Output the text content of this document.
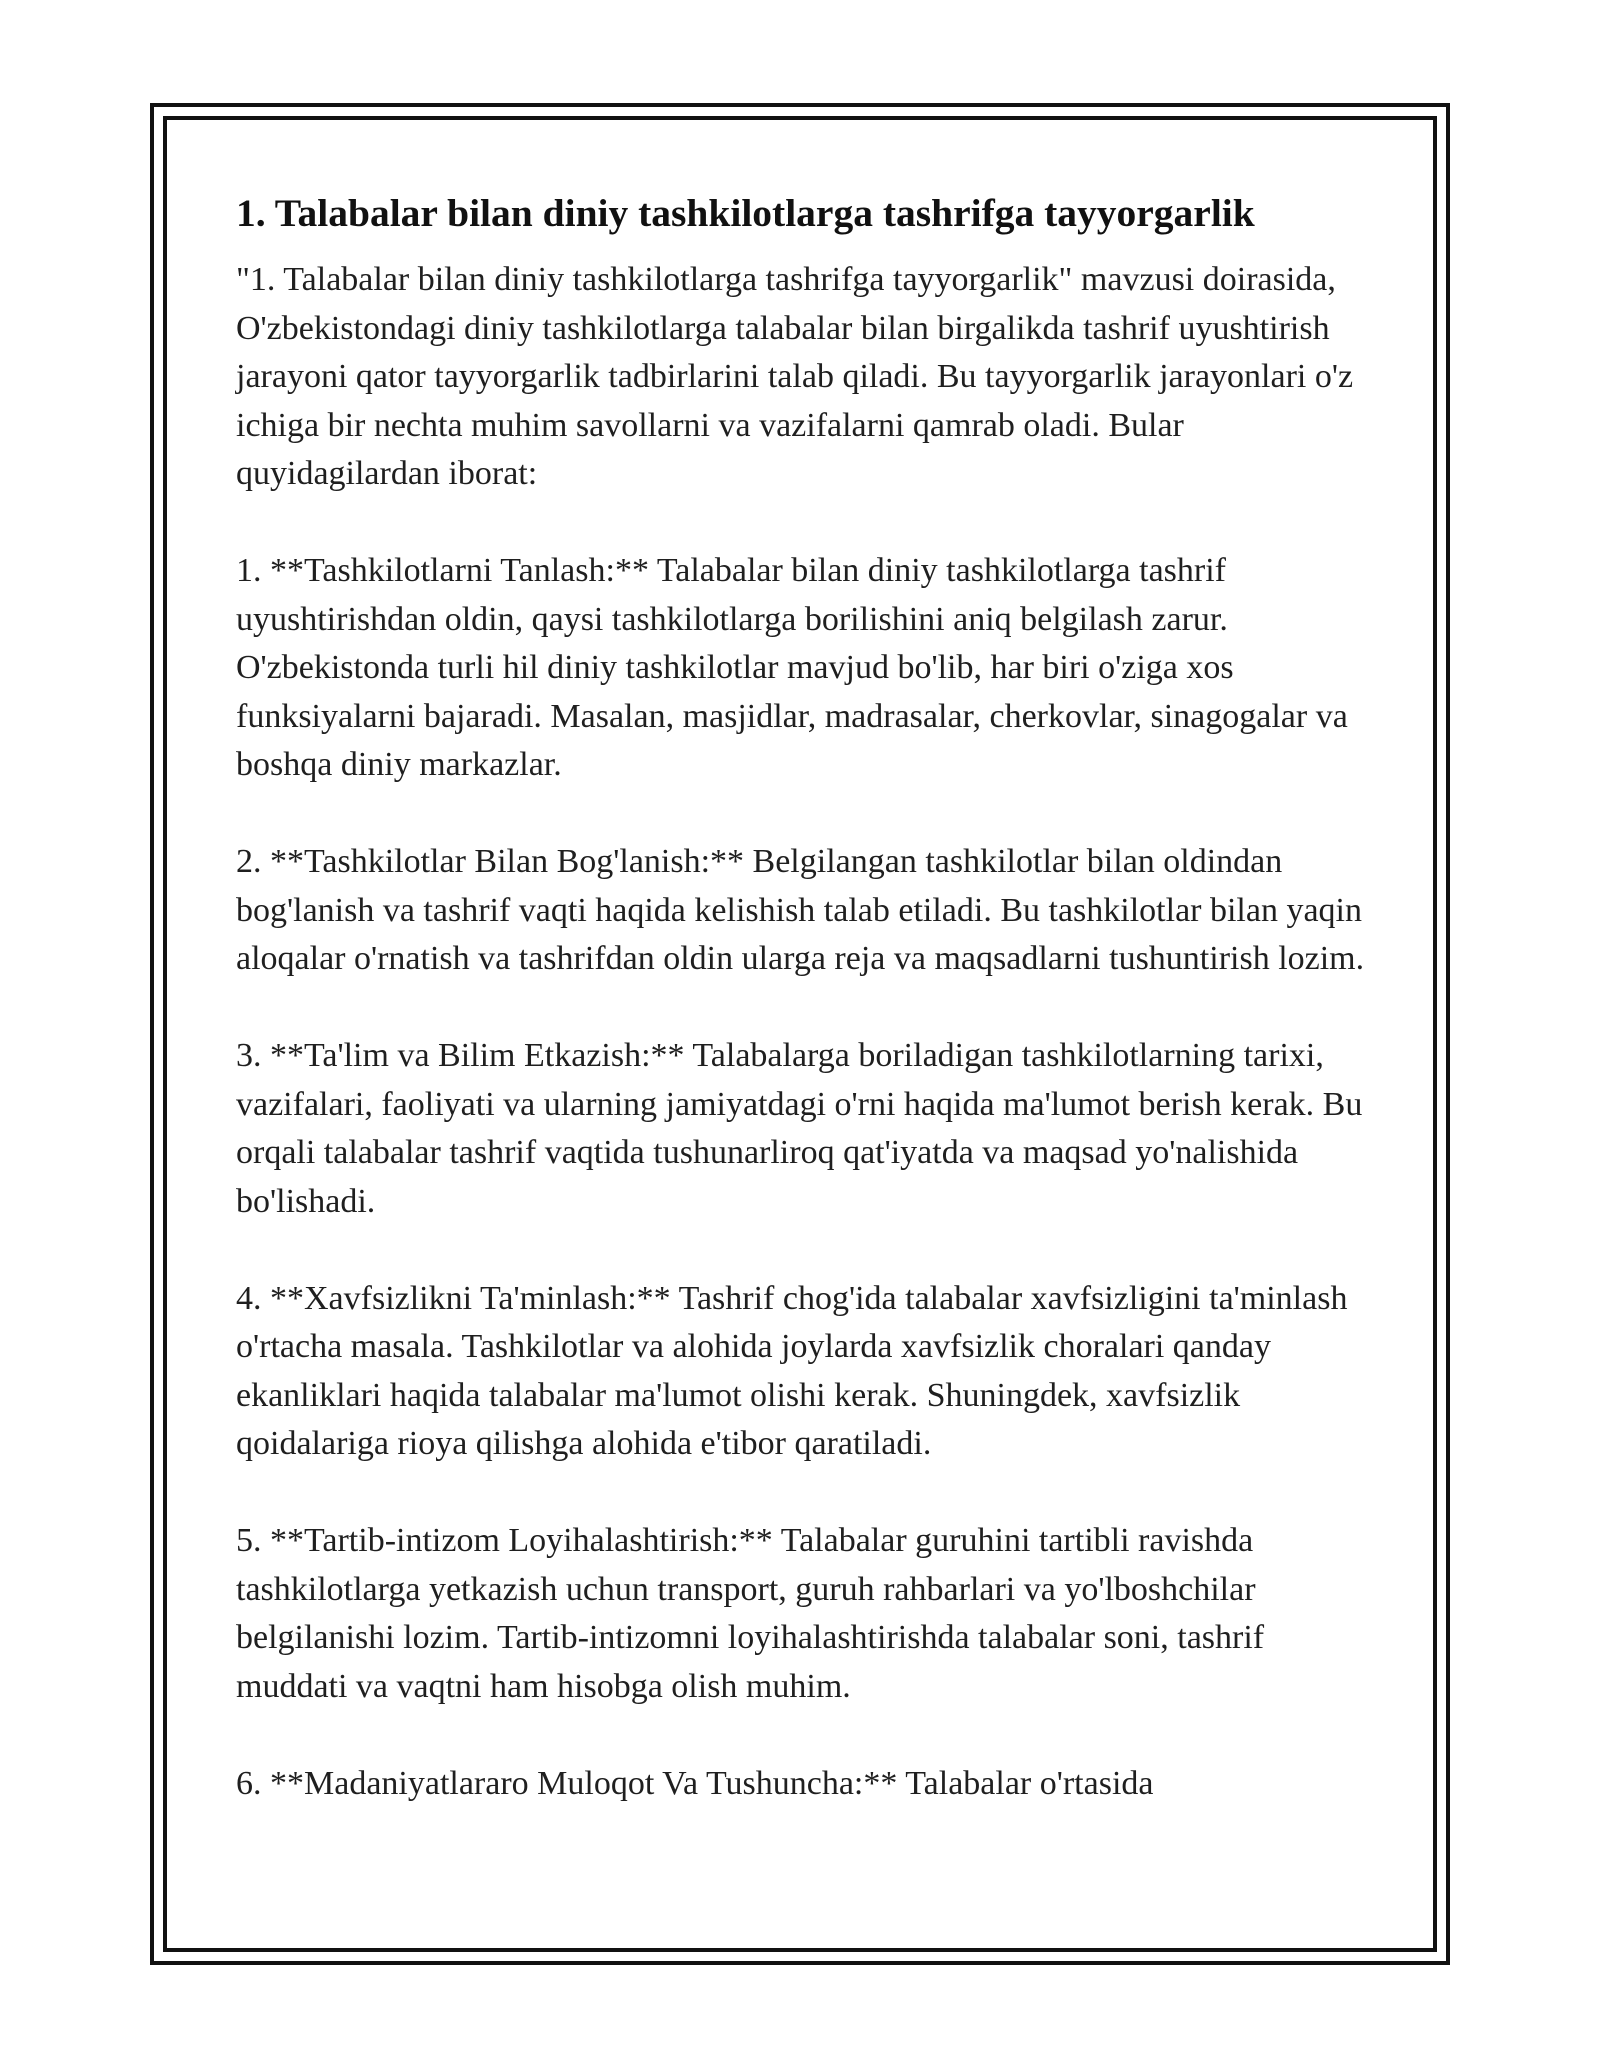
1. Talabalar bilan diniy tashkilotlarga tashrifga tayyorgarlik

"1. Talabalar bilan diniy tashkilotlarga tashrifga tayyorgarlik" mavzusi doirasida, O'zbekistondagi diniy tashkilotlarga talabalar bilan birgalikda tashrif uyushtirish jarayoni qator tayyorgarlik tadbirlarini talab qiladi. Bu tayyorgarlik jarayonlari o'z ichiga bir nechta muhim savollarni va vazifalarni qamrab oladi. Bular quyidagilardan iborat:

1. **Tashkilotlarni Tanlash:** Talabalar bilan diniy tashkilotlarga tashrif uyushtirishdan oldin, qaysi tashkilotlarga borilishini aniq belgilash zarur. O'zbekistonda turli hil diniy tashkilotlar mavjud bo'lib, har biri o'ziga xos funksiyalarni bajaradi. Masalan, masjidlar, madrasalar, cherkovlar, sinagogalar va boshqa diniy markazlar.

2. **Tashkilotlar Bilan Bog'lanish:** Belgilangan tashkilotlar bilan oldindan bog'lanish va tashrif vaqti haqida kelishish talab etiladi. Bu tashkilotlar bilan yaqin aloqalar o'rnatish va tashrifdan oldin ularga reja va maqsadlarni tushuntirish lozim.

3. **Ta'lim va Bilim Etkazish:** Talabalarga boriladigan tashkilotlarning tarixi, vazifalari, faoliyati va ularning jamiyatdagi o'rni haqida ma'lumot berish kerak. Bu orqali talabalar tashrif vaqtida tushunarliroq qat'iyatda va maqsad yo'nalishida bo'lishadi.

4. **Xavfsizlikni Ta'minlash:** Tashrif chog'ida talabalar xavfsizligini ta'minlash o'rtacha masala. Tashkilotlar va alohida joylarda xavfsizlik choralari qanday ekanliklari haqida talabalar ma'lumot olishi kerak. Shuningdek, xavfsizlik qoidalariga rioya qilishga alohida e'tibor qaratiladi.

5. **Tartib-intizom Loyihalashtirish:** Talabalar guruhini tartibli ravishda tashkilotlarga yetkazish uchun transport, guruh rahbarlari va yo'lboshchilar belgilanishi lozim. Tartib-intizomni loyihalashtirishda talabalar soni, tashrif muddati va vaqtni ham hisobga olish muhim.

6. **Madaniyatlararo Muloqot Va Tushuncha:** Talabalar o'rtasida
